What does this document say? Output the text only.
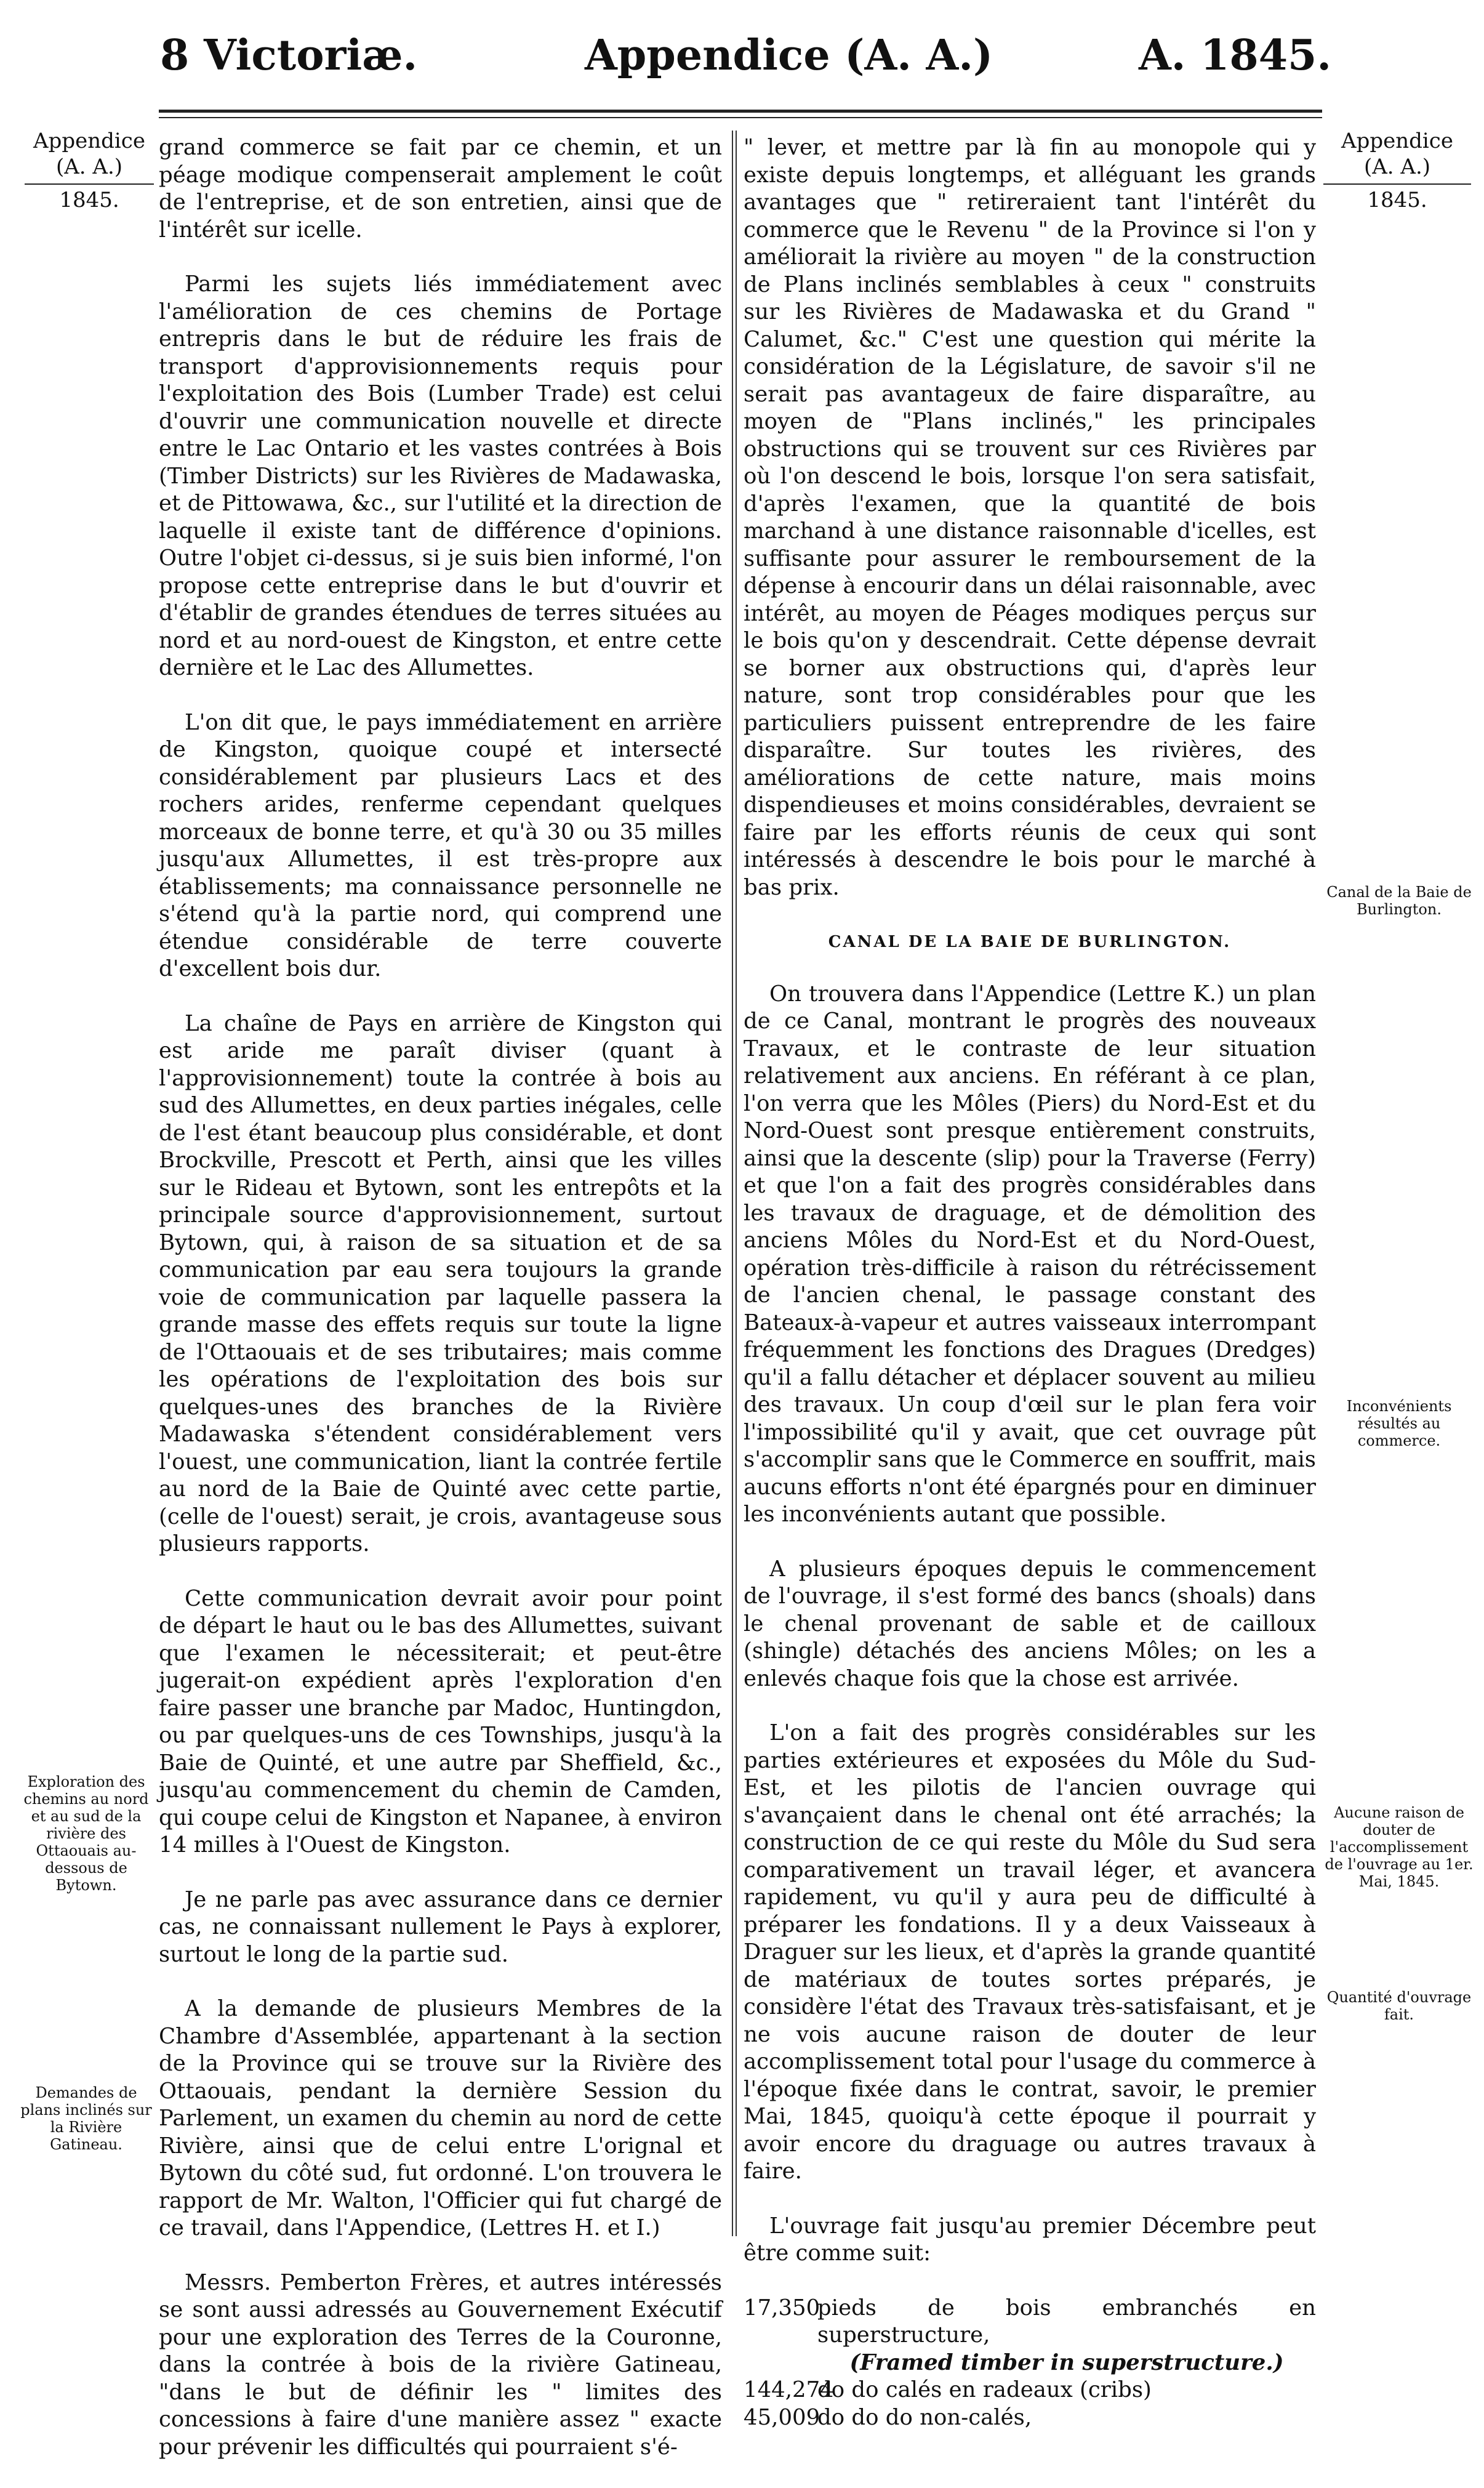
8 Victoriæ.	Appendice (A. A.)	A. 1845.
Appendice
(A. A.)
1845.
Appendice
(A. A.)
1845.

grand commerce se fait par ce chemin, et un péage modique compenserait amplement le coût de l'entreprise, et de son entretien, ainsi que de l'intérêt sur icelle.

Parmi les sujets liés immédiatement avec l'amélioration de ces chemins de Portage entrepris dans le but de réduire les frais de transport d'approvisionnements requis pour l'exploitation des Bois (Lumber Trade) est celui d'ouvrir une communication nouvelle et directe entre le Lac Ontario et les vastes contrées à Bois (Timber Districts) sur les Rivières de Madawaska, et de Pittowawa, &c., sur l'utilité et la direction de laquelle il existe tant de différence d'opinions. Outre l'objet ci-dessus, si je suis bien informé, l'on propose cette entreprise dans le but d'ouvrir et d'établir de grandes étendues de terres situées au nord et au nord-ouest de Kingston, et entre cette dernière et le Lac des Allumettes.

L'on dit que, le pays immédiatement en arrière de Kingston, quoique coupé et intersecté considérablement par plusieurs Lacs et des rochers arides, renferme cependant quelques morceaux de bonne terre, et qu'à 30 ou 35 milles jusqu'aux Allumettes, il est très-propre aux établissements; ma connaissance personnelle ne s'étend qu'à la partie nord, qui comprend une étendue considérable de terre couverte d'excellent bois dur.

La chaîne de Pays en arrière de Kingston qui est aride me paraît diviser (quant à l'approvisionnement) toute la contrée à bois au sud des Allumettes, en deux parties inégales, celle de l'est étant beaucoup plus considérable, et dont Brockville, Prescott et Perth, ainsi que les villes sur le Rideau et Bytown, sont les entrepôts et la principale source d'approvisionnement, surtout Bytown, qui, à raison de sa situation et de sa communication par eau sera toujours la grande voie de communication par laquelle passera la grande masse des effets requis sur toute la ligne de l'Ottaouais et de ses tributaires; mais comme les opérations de l'exploitation des bois sur quelques-unes des branches de la Rivière Madawaska s'étendent considérablement vers l'ouest, une communication, liant la contrée fertile au nord de la Baie de Quinté avec cette partie, (celle de l'ouest) serait, je crois, avantageuse sous plusieurs rapports.

Cette communication devrait avoir pour point de départ le haut ou le bas des Allumettes, suivant que l'examen le nécessiterait; et peut-être jugerait-on expédient après l'exploration d'en faire passer une branche par Madoc, Huntingdon, ou par quelques-uns de ces Townships, jusqu'à la Baie de Quinté, et une autre par Sheffield, &c., jusqu'au commencement du chemin de Camden, qui coupe celui de Kingston et Napanee, à environ 14 milles à l'Ouest de Kingston.

Je ne parle pas avec assurance dans ce dernier cas, ne connaissant nullement le Pays à explorer, surtout le long de la partie sud.

A la demande de plusieurs Membres de la Chambre d'Assemblée, appartenant à la section de la Province qui se trouve sur la Rivière des Ottaouais, pendant la dernière Session du Parlement, un examen du chemin au nord de cette Rivière, ainsi que de celui entre L'orignal et Bytown du côté sud, fut ordonné. L'on trouvera le rapport de Mr. Walton, l'Officier qui fut chargé de ce travail, dans l'Appendice, (Lettres H. et I.)

Messrs. Pemberton Frères, et autres intéressés se sont aussi adressés au Gouvernement Exécutif pour une exploration des Terres de la Couronne, dans la contrée à bois de la rivière Gatineau, "dans le but de définir les " limites des concessions à faire d'une manière assez " exacte pour prévenir les difficultés qui pourraient s'é-

" lever, et mettre par là fin au monopole qui y existe depuis longtemps, et alléguant les grands avantages que " retireraient tant l'intérêt du commerce que le Revenu " de la Province si l'on y améliorait la rivière au moyen " de la construction de Plans inclinés semblables à ceux " construits sur les Rivières de Madawaska et du Grand " Calumet, &c." C'est une question qui mérite la considération de la Législature, de savoir s'il ne serait pas avantageux de faire disparaître, au moyen de "Plans inclinés," les principales obstructions qui se trouvent sur ces Rivières par où l'on descend le bois, lorsque l'on sera satisfait, d'après l'examen, que la quantité de bois marchand à une distance raisonnable d'icelles, est suffisante pour assurer le remboursement de la dépense à encourir dans un délai raisonnable, avec intérêt, au moyen de Péages modiques perçus sur le bois qu'on y descendrait. Cette dépense devrait se borner aux obstructions qui, d'après leur nature, sont trop considérables pour que les particuliers puissent entreprendre de les faire disparaître. Sur toutes les rivières, des améliorations de cette nature, mais moins dispendieuses et moins considérables, devraient se faire par les efforts réunis de ceux qui sont intéressés à descendre le bois pour le marché à bas prix.

CANAL DE LA BAIE DE BURLINGTON.

On trouvera dans l'Appendice (Lettre K.) un plan de ce Canal, montrant le progrès des nouveaux Travaux, et le contraste de leur situation relativement aux anciens. En référant à ce plan, l'on verra que les Môles (Piers) du Nord-Est et du Nord-Ouest sont presque entièrement construits, ainsi que la descente (slip) pour la Traverse (Ferry) et que l'on a fait des progrès considérables dans les travaux de draguage, et de démolition des anciens Môles du Nord-Est et du Nord-Ouest, opération très-difficile à raison du rétrécissement de l'ancien chenal, le passage constant des Bateaux-à-vapeur et autres vaisseaux interrompant fréquemment les fonctions des Dragues (Dredges) qu'il a fallu détacher et déplacer souvent au milieu des travaux. Un coup d'œil sur le plan fera voir l'impossibilité qu'il y avait, que cet ouvrage pût s'accomplir sans que le Commerce en souffrit, mais aucuns efforts n'ont été épargnés pour en diminuer les inconvénients autant que possible.

A plusieurs époques depuis le commencement de l'ouvrage, il s'est formé des bancs (shoals) dans le chenal provenant de sable et de cailloux (shingle) détachés des anciens Môles; on les a enlevés chaque fois que la chose est arrivée.

L'on a fait des progrès considérables sur les parties extérieures et exposées du Môle du Sud-Est, et les pilotis de l'ancien ouvrage qui s'avançaient dans le chenal ont été arrachés; la construction de ce qui reste du Môle du Sud sera comparativement un travail léger, et avancera rapidement, vu qu'il y aura peu de difficulté à préparer les fondations. Il y a deux Vaisseaux à Draguer sur les lieux, et d'après la grande quantité de matériaux de toutes sortes préparés, je considère l'état des Travaux très-satisfaisant, et je ne vois aucune raison de douter de leur accomplissement total pour l'usage du commerce à l'époque fixée dans le contrat, savoir, le premier Mai, 1845, quoiqu'à cette époque il pourrait y avoir encore du draguage ou autres travaux à faire.

L'ouvrage fait jusqu'au premier Décembre peut être comme suit:

17,350
pieds de bois embranchés en superstructure,
(Framed timber in superstructure.)
144,274
do do calés en radeaux (cribs)
45,009
do do do non-calés,
Exploration des chemins au nord et au sud de la rivière des Ottaouais au-dessous de Bytown.
Demandes de plans inclinés sur la Rivière Gatineau.
Canal de la Baie de Burlington.
Inconvénients résultés au commerce.
Aucune raison de douter de l'accomplissement de l'ouvrage au 1er. Mai, 1845.
Quantité d'ouvrage fait.
